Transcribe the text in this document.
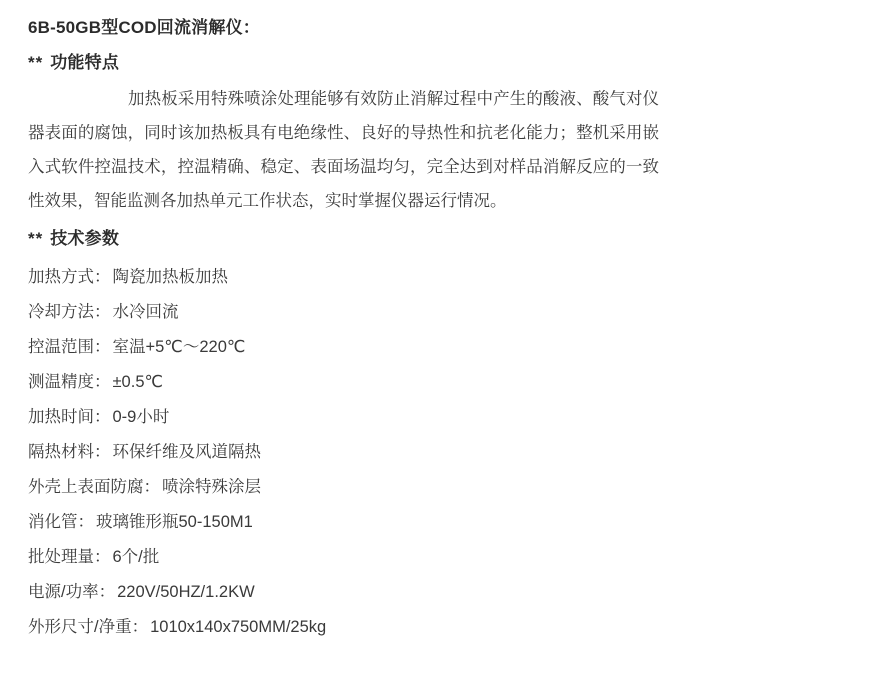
6B-50GB型COD回流消解仪：
** 功能特点
加热板采用特殊喷涂处理能够有效防止消解过程中产生的酸液、酸气对仪器表面的腐蚀，同时该加热板具有电绝缘性、良好的导热性和抗老化能力；整机采用嵌入式软件控温技术，控温精确、稳定、表面场温均匀，完全达到对样品消解反应的一致性效果，智能监测各加热单元工作状态，实时掌握仪器运行情况。
** 技术参数
加热方式： 陶瓷加热板加热
冷却方法： 水冷回流
控温范围： 室温+5℃～220℃
测温精度： ±0.5℃
加热时间： 0-9小时
隔热材料： 环保纤维及风道隔热
外壳上表面防腐： 喷涂特殊涂层
消化管： 玻璃锥形瓶50-150M1
批处理量： 6个/批
电源/功率： 220V/50HZ/1.2KW
外形尺寸/净重： 1010x140x750MM/25kg
